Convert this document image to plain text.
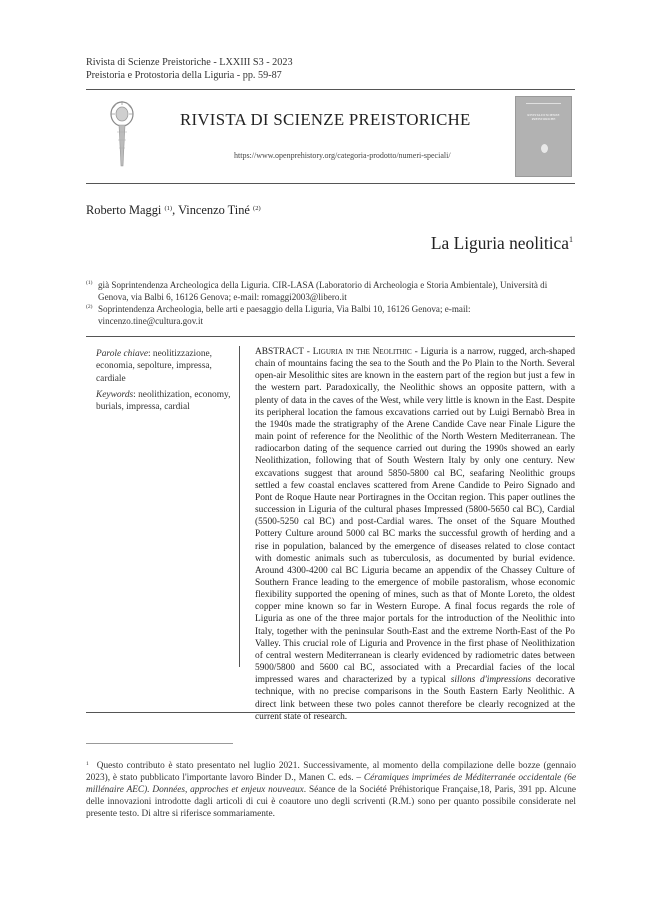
Rivista di Scienze Preistoriche - LXXIII S3 - 2023
Preistoria e Protostoria della Liguria - pp. 59-87
RIVISTA DI SCIENZE PREISTORICHE
https://www.openprehistory.org/categoria-prodotto/numeri-speciali/
RIVISTA DI SCIENZE PREISTORICHE
Roberto Maggi $^{(1)}$, Vincenzo Tiné $^{(2)}$
La Liguria neolitica$^1$
(1) già Soprintendenza Archeologica della Liguria. CIR-LASA (Laboratorio di Archeologia e Storia Ambientale), Università di Genova, via Balbi 6, 16126 Genova; e-mail: romaggi2003@libero.it
(2) Soprintendenza Archeologia, belle arti e paesaggio della Liguria, Via Balbi 10, 16126 Genova; e-mail: vincenzo.tine@cultura.gov.it

Parole chiave: neolitizzazione, economia, sepolture, impressa, cardiale

Keywords: neolithization, economy, burials, impressa, cardial

ABSTRACT - Liguria in the Neolithic - Liguria is a narrow, rugged, arch-shaped chain of mountains facing the sea to the South and the Po Plain to the North. Several open-air Mesolithic sites are known in the eastern part of the region but just a few in the western part. Paradoxically, the Neolithic shows an opposite pattern, with a plenty of data in the caves of the West, while very little is known in the East. Despite its peripheral location the famous excavations carried out by Luigi Bernabò Brea in the 1940s made the stratigraphy of the Arene Candide Cave near Finale Ligure the main point of reference for the Neolithic of the North Western Mediterranean. The radiocarbon dating of the sequence carried out during the 1990s showed an early Neolithization, following that of South Western Italy by only one century. New excavations suggest that around 5850-5800 cal BC, seafaring Neolithic groups settled a few coastal enclaves scattered from Arene Candide to Peiro Signado and Pont de Roque Haute near Portiragnes in the Occitan region. This paper outlines the succession in Liguria of the cultural phases Impressed (5800-5650 cal BC), Cardial (5500-5250 cal BC) and post-Cardial wares. The onset of the Square Mouthed Pottery Culture around 5000 cal BC marks the successful growth of herding and a rise in population, balanced by the emergence of diseases related to close contact with domestic animals such as tuberculosis, as documented by burial evidence. Around 4300-4200 cal BC Liguria became an appendix of the Chassey Culture of Southern France leading to the emergence of mobile pastoralism, whose economic flexibility supported the opening of mines, such as that of Monte Loreto, the oldest copper mine known so far in Western Europe. A final focus regards the role of Liguria as one of the three major portals for the introduction of the Neolithic into Italy, together with the peninsular South-East and the extreme North-East of the Po Valley. This crucial role of Liguria and Provence in the first phase of Neolithization of central western Mediterranean is clearly evidenced by radiometric dates between 5900/5800 and 5600 cal BC, associated with a Precardial facies of the local impressed wares and characterized by a typical sillons d'impressions decorative technique, with no precise comparisons in the South Eastern Early Neolithic. A direct link between these two poles cannot therefore be clearly recognized at the current state of research.

$^1$ Questo contributo è stato presentato nel luglio 2021. Successivamente, al momento della compilazione delle bozze (gennaio 2023), è stato pubblicato l'importante lavoro Binder D., Manen C. eds. – Céramiques imprimées de Méditerranée occidentale (6e millénaire AEC). Données, approches et enjeux nouveaux. Séance de la Société Préhistorique Française,18, Paris, 391 pp. Alcune delle innovazioni introdotte dagli articoli di cui è coautore uno degli scriventi (R.M.) sono per quanto possibile considerate nel presente testo. Di altre si riferisce sommariamente.
